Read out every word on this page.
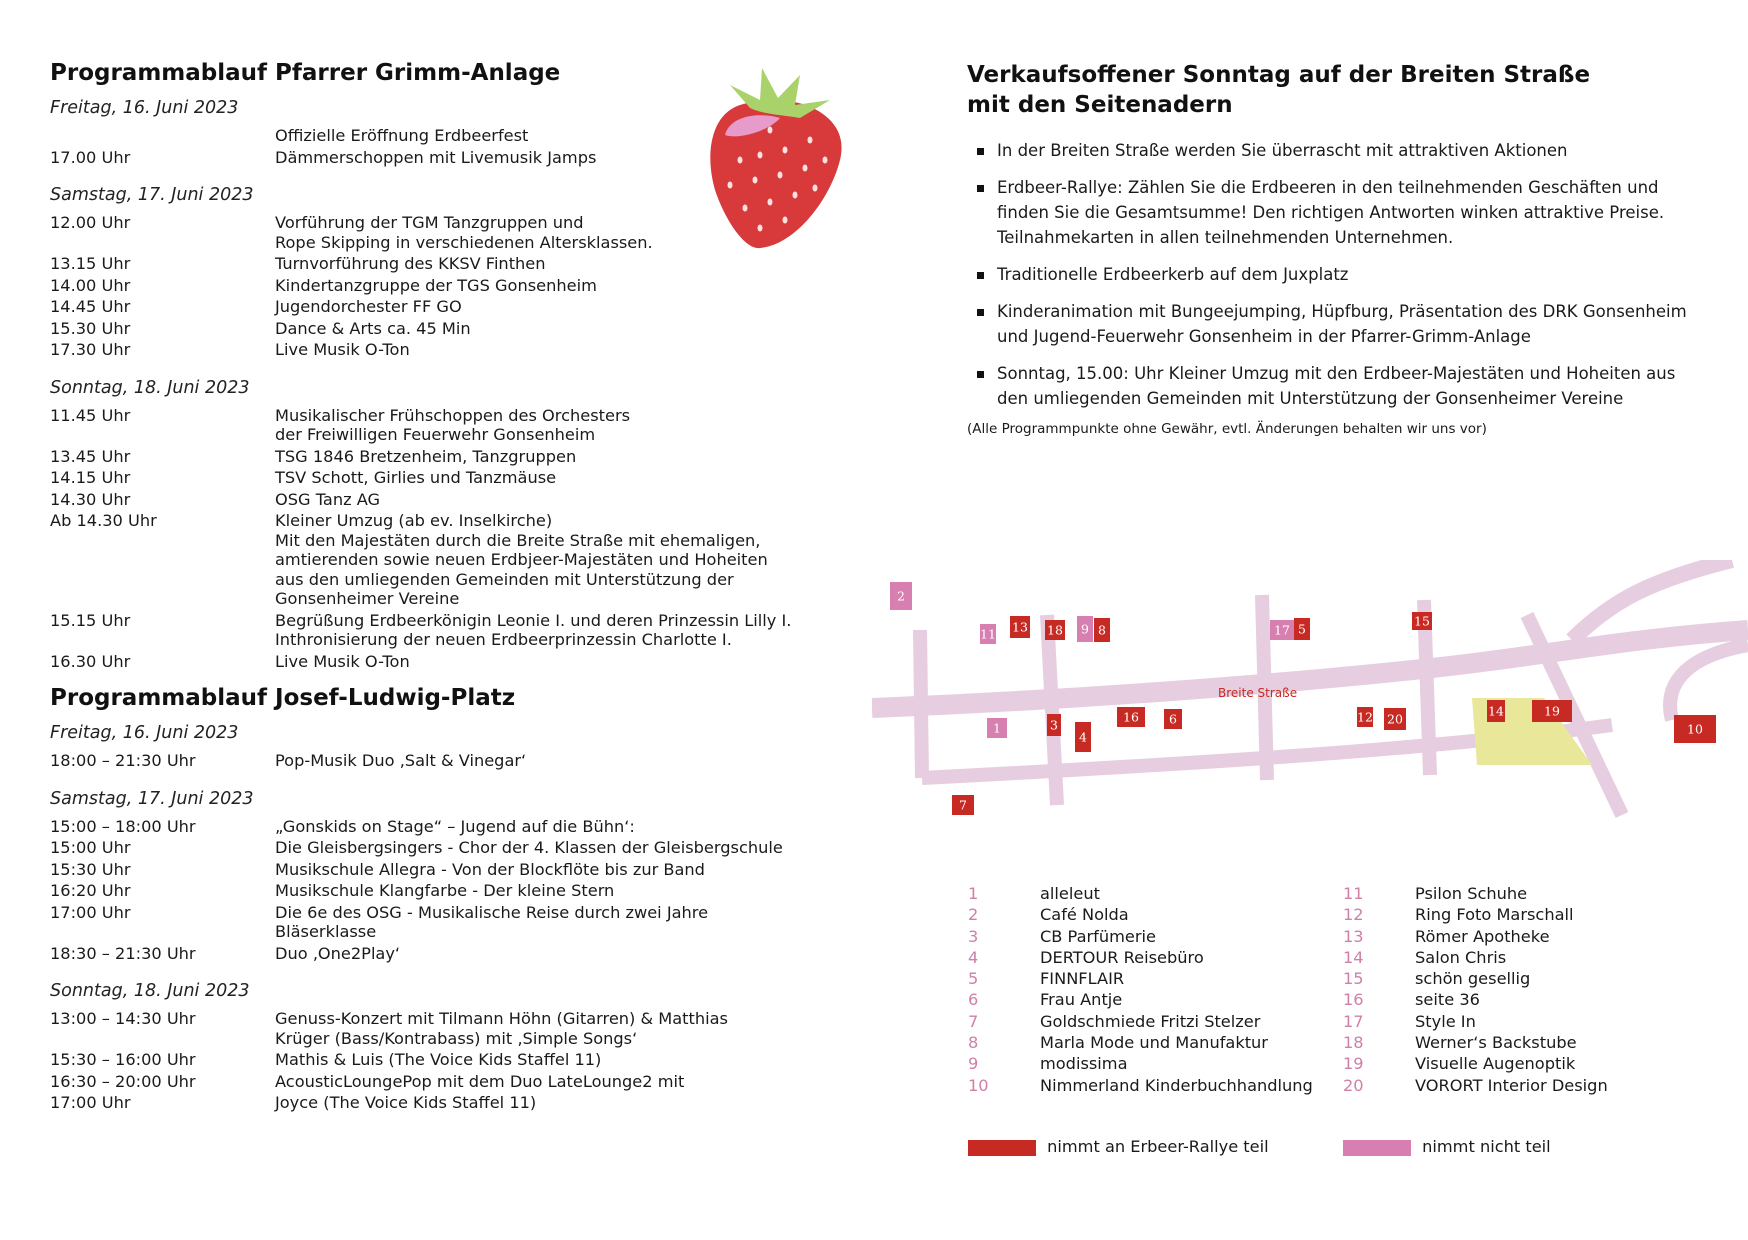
Programmablauf Pfarrer Grimm-Anlage
Freitag, 16. Juni 2023
Offizielle Eröffnung Erdbeerfest
17.00 Uhr	Dämmerschoppen mit Livemusik Jamps
Samstag, 17. Juni 2023
12.00 Uhr	Vorführung der TGM Tanzgruppen und
Rope Skipping in verschiedenen Altersklassen.
13.15 Uhr	Turnvorführung des KKSV Finthen
14.00 Uhr	Kindertanzgruppe der TGS Gonsenheim
14.45 Uhr	Jugendorchester FF GO
15.30 Uhr	Dance & Arts ca. 45 Min
17.30 Uhr	Live Musik O-Ton
Sonntag, 18. Juni 2023
11.45 Uhr	Musikalischer Frühschoppen des Orchesters
der Freiwilligen Feuerwehr Gonsenheim
13.45 Uhr	TSG 1846 Bretzenheim, Tanzgruppen
14.15 Uhr	TSV Schott, Girlies und Tanzmäuse
14.30 Uhr	OSG Tanz AG
Ab 14.30 Uhr	Kleiner Umzug (ab ev. Inselkirche)
Mit den Majestäten durch die Breite Straße mit ehemaligen,
amtierenden sowie neuen Erdbjeer-Majestäten und Hoheiten
aus den umliegenden Gemeinden mit Unterstützung der
Gonsenheimer Vereine
15.15 Uhr	Begrüßung Erdbeerkönigin Leonie I. und deren Prinzessin Lilly I.
Inthronisierung der neuen Erdbeerprinzessin Charlotte I.
16.30 Uhr	Live Musik O-Ton
Programmablauf Josef-Ludwig-Platz
Freitag, 16. Juni 2023
18:00 – 21:30 Uhr	Pop-Musik Duo ‚Salt & Vinegar‘
Samstag, 17. Juni 2023
15:00 – 18:00 Uhr	„Gonskids on Stage“ – Jugend auf die Bühn‘:
15:00 Uhr	Die Gleisbergsingers - Chor der 4. Klassen der Gleisbergschule
15:30 Uhr	Musikschule Allegra - Von der Blockflöte bis zur Band
16:20 Uhr	Musikschule Klangfarbe - Der kleine Stern
17:00 Uhr	Die 6e des OSG - Musikalische Reise durch zwei Jahre Bläserklasse
18:30 – 21:30 Uhr	Duo ‚One2Play‘
Sonntag, 18. Juni 2023
13:00 – 14:30 Uhr	Genuss-Konzert mit Tilmann Höhn (Gitarren) & Matthias
Krüger (Bass/Kontrabass) mit ‚Simple Songs‘
15:30 – 16:00 Uhr	Mathis & Luis (The Voice Kids Staffel 11)
16:30 – 20:00 Uhr	AcousticLoungePop mit dem Duo LateLounge2 mit
17:00 Uhr	Joyce (The Voice Kids Staffel 11)
Verkaufsoffener Sonntag auf der Breiten Straße
mit den Seitenadern
In der Breiten Straße werden Sie überrascht mit attraktiven Aktionen
Erdbeer-Rallye: Zählen Sie die Erdbeeren in den teilnehmenden Geschäften und finden Sie die Gesamtsumme! Den richtigen Antworten winken attraktive Preise. Teilnahmekarten in allen teilnehmenden Unternehmen.
Traditionelle Erdbeerkerb auf dem Juxplatz
Kinderanimation mit Bungeejumping, Hüpfburg, Präsentation des DRK Gonsenheim und Jugend-Feuerwehr Gonsenheim in der Pfarrer-Grimm-Anlage
Sonntag, 15.00: Uhr Kleiner Umzug mit den Erdbeer-Majestäten und Hoheiten aus den umliegenden Gemeinden mit Unterstützung der Gonsenheimer Vereine
(Alle Programmpunkte ohne Gewähr, evtl. Änderungen behalten wir uns vor)
Breite Straße
2
11 13 18 9 8	17 5
15
1	3
4
16 6	12 20
14	19
10
7
1	alleleut
2	Café Nolda
3	CB Parfümerie
4	DERTOUR Reisebüro
5	FINNFLAIR
6	Frau Antje
7	Goldschmiede Fritzi Stelzer
8	Marla Mode und Manufaktur
9	modissima
10	Nimmerland Kinderbuchhandlung
11	Psilon Schuhe
12	Ring Foto Marschall
13	Römer Apotheke
14	Salon Chris
15	schön gesellig
16	seite 36
17	Style In
18	Werner‘s Backstube
19	Visuelle Augenoptik
20	VORORT Interior Design
nimmt an Erbeer-Rallye teil	nimmt nicht teil
